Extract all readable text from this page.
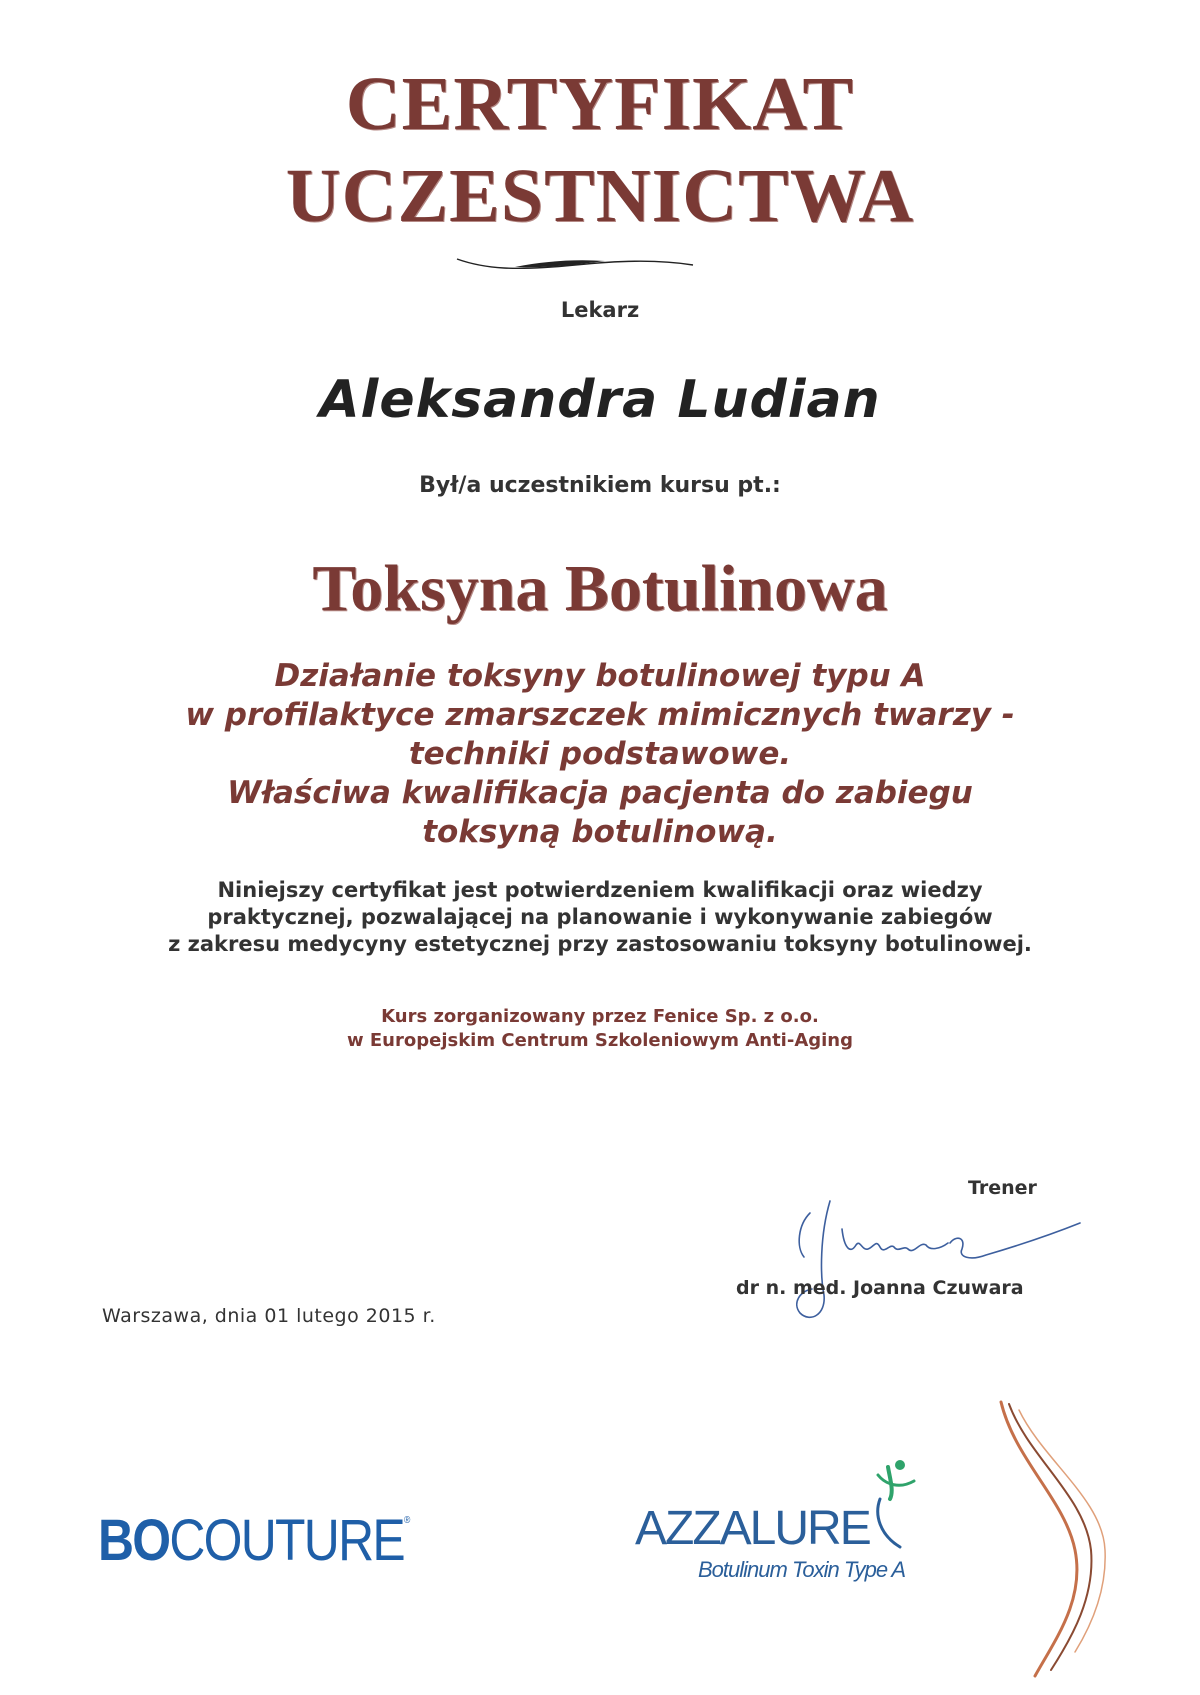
CERTYFIKAT
UCZESTNICTWA
Lekarz
Aleksandra Ludian
Był/a uczestnikiem kursu pt.:
Toksyna Botulinowa
Działanie toksyny botulinowej typu A
w profilaktyce zmarszczek mimicznych twarzy -
techniki podstawowe.
Właściwa kwalifikacja pacjenta do zabiegu
toksyną botulinową.
Niniejszy certyfikat jest potwierdzeniem kwalifikacji oraz wiedzy
praktycznej, pozwalającej na planowanie i wykonywanie zabiegów
z zakresu medycyny estetycznej przy zastosowaniu toksyny botulinowej.
Kurs zorganizowany przez Fenice Sp. z o.o.
w Europejskim Centrum Szkoleniowym Anti-Aging
Trener
dr n. med. Joanna Czuwara
Warszawa, dnia 01 lutego 2015 r.
BOCOUTURE®	AZZALURE
Botulinum Toxin Type A
